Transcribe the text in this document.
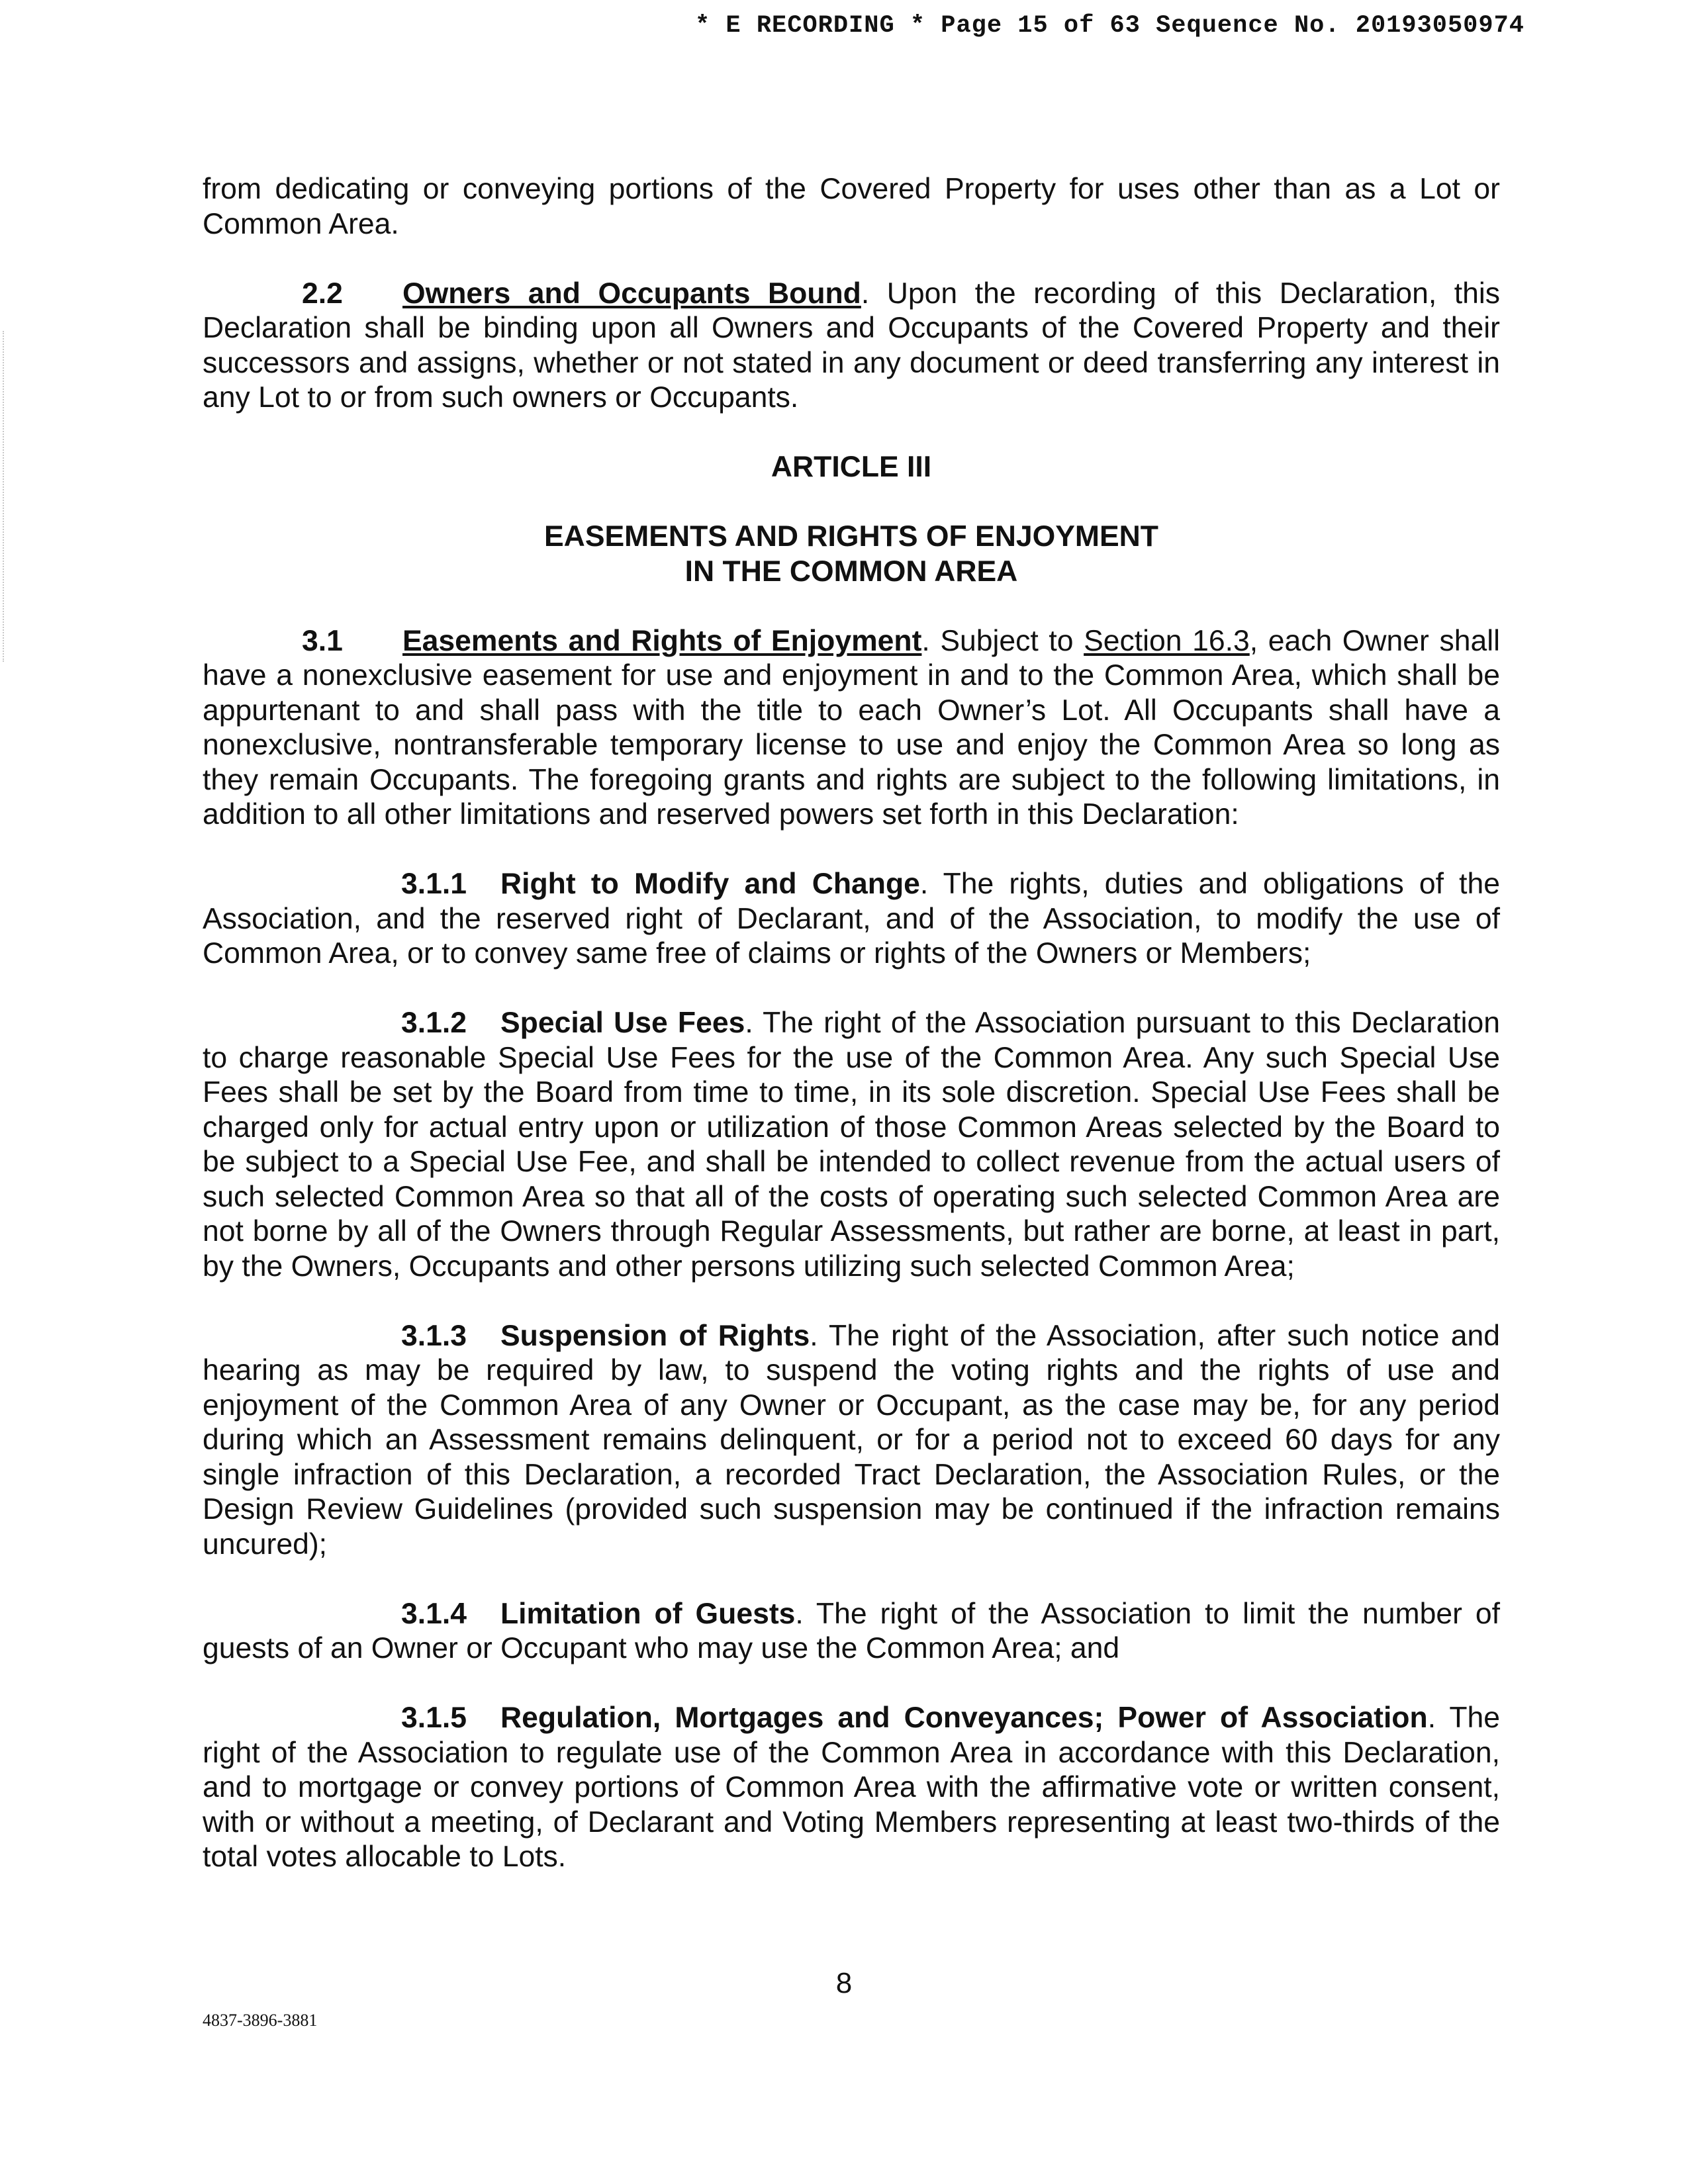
* E RECORDING * Page 15 of 63 Sequence No. 20193050974

from dedicating or conveying portions of the Covered Property for uses other than as a Lot or Common Area.

2.2 Owners and Occupants Bound. Upon the recording of this Declaration, this Declaration shall be binding upon all Owners and Occupants of the Covered Property and their successors and assigns, whether or not stated in any document or deed transferring any interest in any Lot to or from such owners or Occupants.

ARTICLE III

EASEMENTS AND RIGHTS OF ENJOYMENT

IN THE COMMON AREA

3.1 Easements and Rights of Enjoyment. Subject to Section 16.3, each Owner shall have a nonexclusive easement for use and enjoyment in and to the Common Area, which shall be appurtenant to and shall pass with the title to each Owner’s Lot. All Occupants shall have a nonexclusive, nontransferable temporary license to use and enjoy the Common Area so long as they remain Occupants. The foregoing grants and rights are subject to the following limitations, in addition to all other limitations and reserved powers set forth in this Declaration:

3.1.1 Right to Modify and Change. The rights, duties and obligations of the Association, and the reserved right of Declarant, and of the Association, to modify the use of Common Area, or to convey same free of claims or rights of the Owners or Members;

3.1.2 Special Use Fees. The right of the Association pursuant to this Declaration to charge reasonable Special Use Fees for the use of the Common Area. Any such Special Use Fees shall be set by the Board from time to time, in its sole discretion. Special Use Fees shall be charged only for actual entry upon or utilization of those Common Areas selected by the Board to be subject to a Special Use Fee, and shall be intended to collect revenue from the actual users of such selected Common Area so that all of the costs of operating such selected Common Area are not borne by all of the Owners through Regular Assessments, but rather are borne, at least in part, by the Owners, Occupants and other persons utilizing such selected Common Area;

3.1.3 Suspension of Rights. The right of the Association, after such notice and hearing as may be required by law, to suspend the voting rights and the rights of use and enjoyment of the Common Area of any Owner or Occupant, as the case may be, for any period during which an Assessment remains delinquent, or for a period not to exceed 60 days for any single infraction of this Declaration, a recorded Tract Declaration, the Association Rules, or the Design Review Guidelines (provided such suspension may be continued if the infraction remains uncured);

3.1.4 Limitation of Guests. The right of the Association to limit the number of guests of an Owner or Occupant who may use the Common Area; and

3.1.5 Regulation, Mortgages and Conveyances; Power of Association. The right of the Association to regulate use of the Common Area in accordance with this Declaration, and to mortgage or convey portions of Common Area with the affirmative vote or written consent, with or without a meeting, of Declarant and Voting Members representing at least two-thirds of the total votes allocable to Lots.

8
4837-3896-3881
